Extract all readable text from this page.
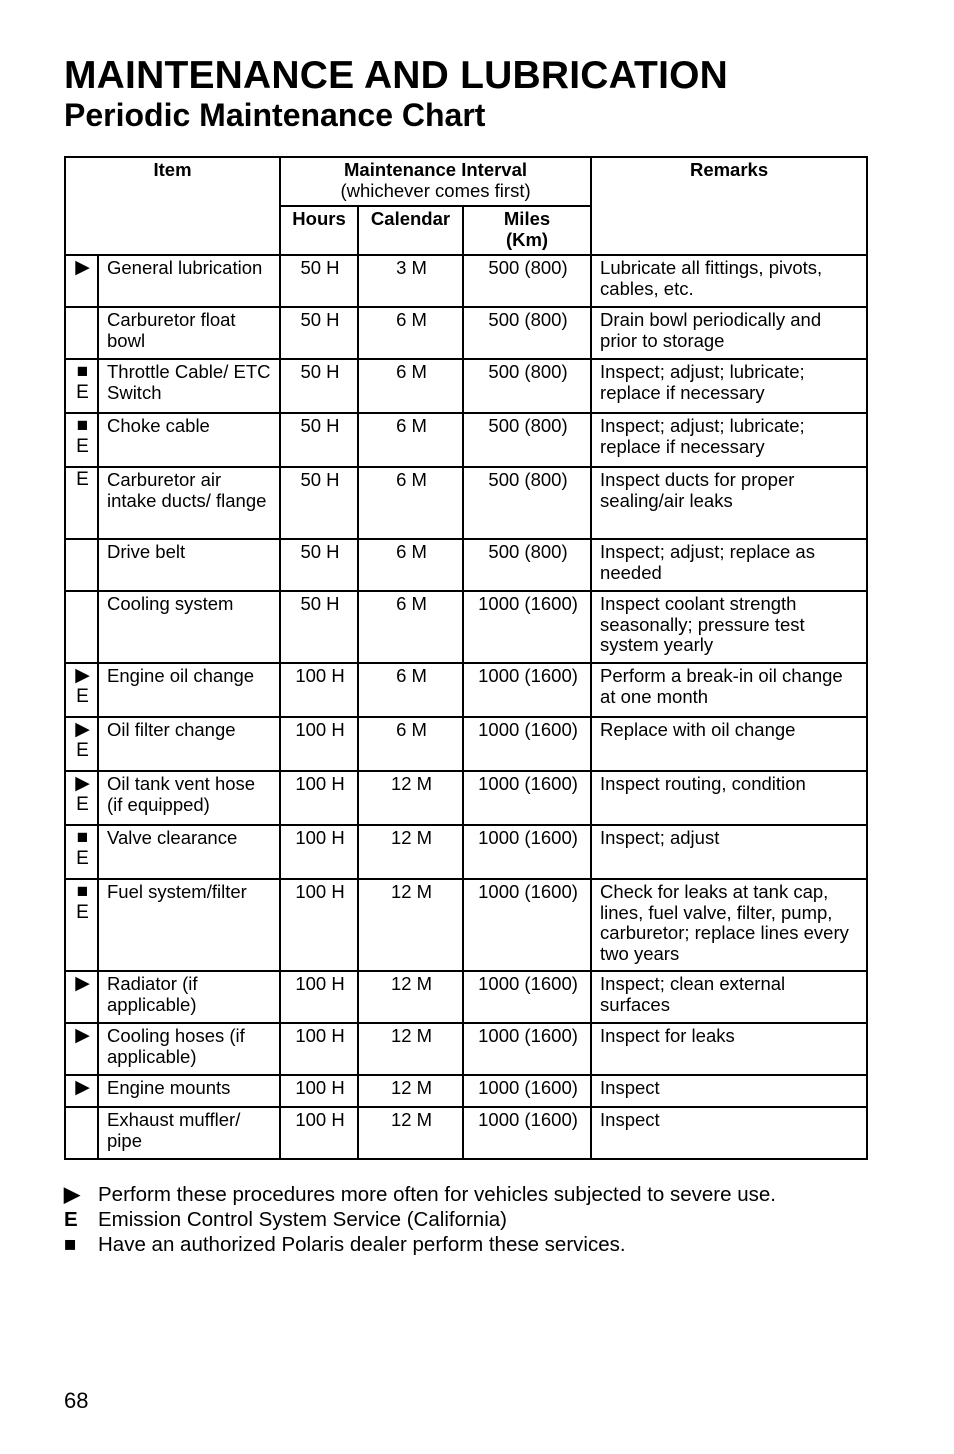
MAINTENANCE AND LUBRICATION
Periodic Maintenance Chart
Item		Maintenance Interval
(whichever comes first)			Remarks
		Hours	Calendar	Miles
(Km)	

▶	General lubrication	50 H	3 M	500 (800)	Lubricate all fittings, pivots, cables, etc.
	Carburetor float bowl	50 H	6 M	500 (800)	Drain bowl periodically and prior to storage

■
E	Throttle Cable/ ETC Switch	50 H	6 M	500 (800)	Inspect; adjust; lubricate; replace if necessary

■
E	Choke cable	50 H	6 M	500 (800)	Inspect; adjust; lubricate; replace if necessary

E	Carburetor air intake ducts/ flange	50 H	6 M	500 (800)	Inspect ducts for proper sealing/air leaks
	Drive belt	50 H	6 M	500 (800)	Inspect; adjust; replace as needed
	Cooling system	50 H	6 M	1000 (1600)	Inspect coolant strength seasonally; pressure test system yearly

▶
E	Engine oil change	100 H	6 M	1000 (1600)	Perform a break-in oil change at one month

▶
E	Oil filter change	100 H	6 M	1000 (1600)	Replace with oil change

▶
E	Oil tank vent hose (if equipped)	100 H	12 M	1000 (1600)	Inspect routing, condition

■
E	Valve clearance	100 H	12 M	1000 (1600)	Inspect; adjust

■
E	Fuel system/filter	100 H	12 M	1000 (1600)	Check for leaks at tank cap, lines, fuel valve, filter, pump, carburetor; replace lines every two years

▶	Radiator (if applicable)	100 H	12 M	1000 (1600)	Inspect; clean external surfaces

▶	Cooling hoses (if applicable)	100 H	12 M	1000 (1600)	Inspect for leaks

▶	Engine mounts	100 H	12 M	1000 (1600)	Inspect
	Exhaust muffler/ pipe	100 H	12 M	1000 (1600)	Inspect
▶ Perform these procedures more often for vehicles subjected to severe use.
E Emission Control System Service (California)
■	Have an authorized Polaris dealer perform these services.
68
